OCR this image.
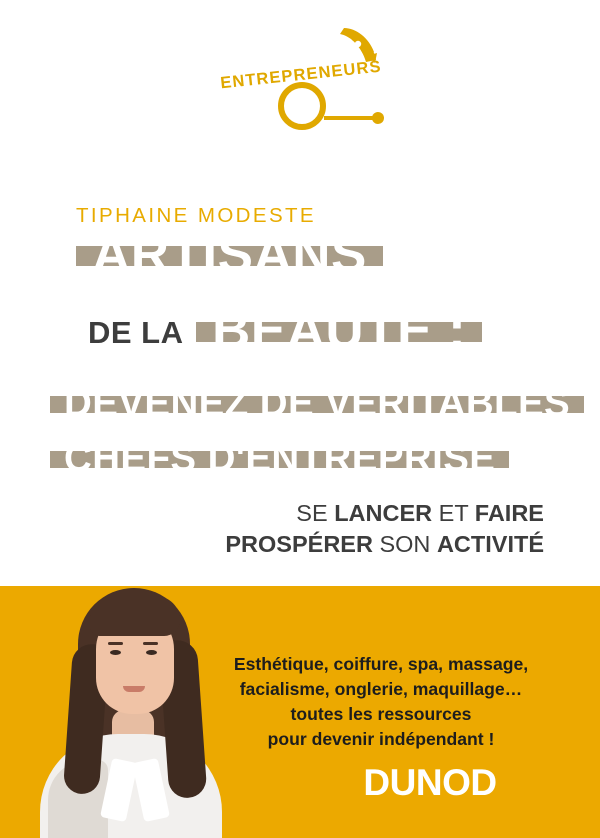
ENTREPRENEURS
TIPHAINE MODESTE
ARTISANS
DE LA BEAUTÉ :
DEVENEZ DE VÉRITABLES
CHEFS D'ENTREPRISE
SE LANCER ET FAIRE
PROSPÉRER SON ACTIVITÉ
Esthétique, coiffure, spa, massage,
facialisme, onglerie, maquillage…
toutes les ressources
pour devenir indépendant !
DUNOD
